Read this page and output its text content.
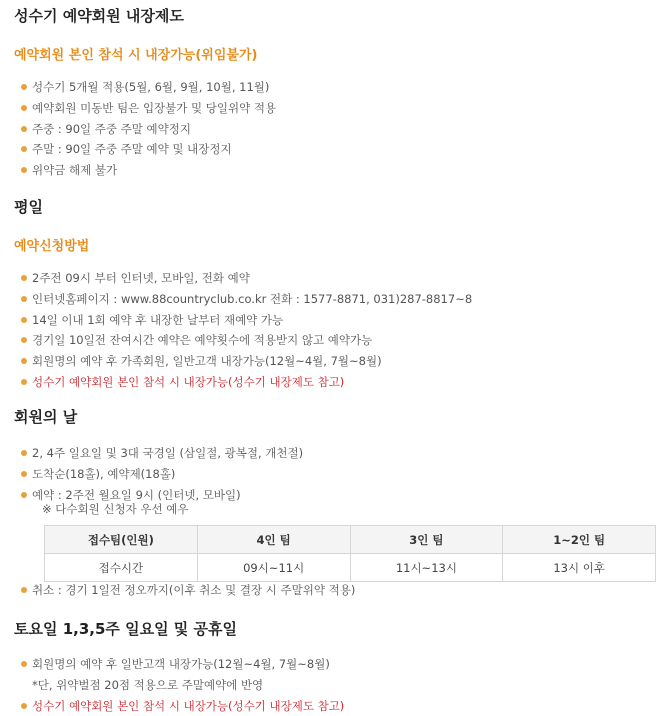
성수기 예약회원 내장제도
예약회원 본인 참석 시 내장가능(위임불가)
성수기 5개월 적용(5월, 6월, 9월, 10월, 11월)
예약회원 미동반 팀은 입장불가 및 당일위약 적용
주중 : 90일 주중 주말 예약정지
주말 : 90일 주중 주말 예약 및 내장정지
위약금 해제 불가
평일
예약신청방법
2주전 09시 부터 인터넷, 모바일, 전화 예약
인터넷홈페이지 : www.88countryclub.co.kr 전화 : 1577-8871, 031)287-8817~8
14일 이내 1회 예약 후 내장한 날부터 재예약 가능
경기일 10일전 잔여시간 예약은 예약횟수에 적용받지 않고 예약가능
회원명의 예약 후 가족회원, 일반고객 내장가능(12월~4월, 7월~8월)
성수기 예약회원 본인 참석 시 내장가능(성수기 내장제도 참고)
회원의 날
2, 4주 일요일 및 3대 국경일 (삼일절, 광복절, 개천절)
도착순(18홀), 예약제(18홀)
예약 : 2주전 월요일 9시 (인터넷, 모바일)
※ 다수회원 신청자 우선 예우
접수팀(인원)	4인 팀	3인 팀	1~2인 팀
접수시간	09시~11시	11시~13시	13시 이후
취소 : 경기 1일전 정오까지(이후 취소 및 결장 시 주말위약 적용)
토요일 1,3,5주 일요일 및 공휴일
회원명의 예약 후 일반고객 내장가능(12월~4월, 7월~8월)
*단, 위약벌점 20점 적용으로 주말예약에 반영
성수기 예약회원 본인 참석 시 내장가능(성수기 내장제도 참고)
